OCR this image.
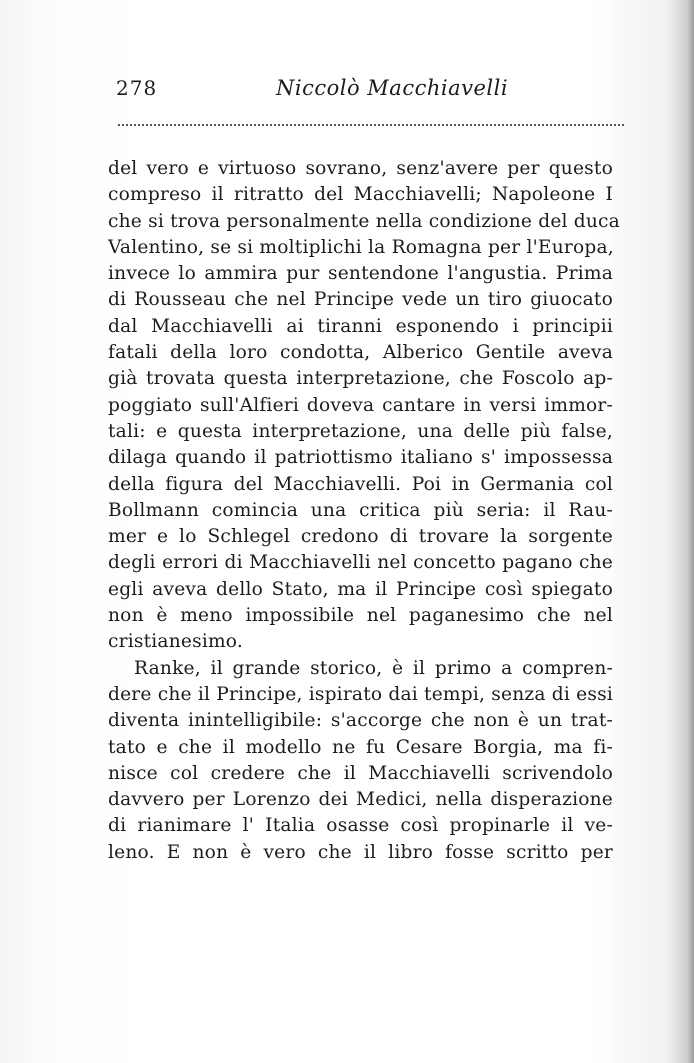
278	Niccolò Macchiavelli
del vero e virtuoso sovrano, senz'avere per questo
compreso il ritratto del Macchiavelli; Napoleone I
che si trova personalmente nella condizione del duca
Valentino, se si moltiplichi la Romagna per l'Europa,
invece lo ammira pur sentendone l'angustia. Prima
di Rousseau che nel Principe vede un tiro giuocato
dal Macchiavelli ai tiranni esponendo i principii
fatali della loro condotta, Alberico Gentile aveva
già trovata questa interpretazione, che Foscolo ap-
poggiato sull'Alfieri doveva cantare in versi immor-
tali: e questa interpretazione, una delle più false,
dilaga quando il patriottismo italiano s' impossessa
della figura del Macchiavelli. Poi in Germania col
Bollmann comincia una critica più seria: il Rau-
mer e lo Schlegel credono di trovare la sorgente
degli errori di Macchiavelli nel concetto pagano che
egli aveva dello Stato, ma il Principe così spiegato
non è meno impossibile nel paganesimo che nel
cristianesimo.
Ranke, il grande storico, è il primo a compren-
dere che il Principe, ispirato dai tempi, senza di essi
diventa inintelligibile: s'accorge che non è un trat-
tato e che il modello ne fu Cesare Borgia, ma fi-
nisce col credere che il Macchiavelli scrivendolo
davvero per Lorenzo dei Medici, nella disperazione
di rianimare l' Italia osasse così propinarle il ve-
leno. E non è vero che il libro fosse scritto per
